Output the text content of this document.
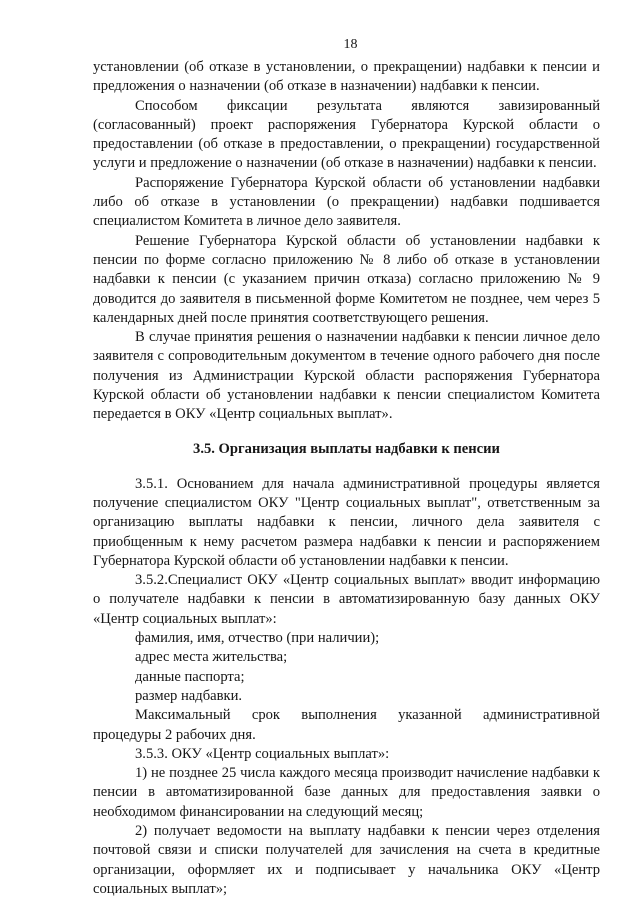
18

установлении (об отказе в установлении, о прекращении) надбавки к пенсии и предложения о назначении (об отказе в назначении) надбавки к пенсии.

Способом фиксации результата являются завизированный (согласованный) проект распоряжения Губернатора Курской области о предоставлении (об отказе в предоставлении, о прекращении) государственной услуги и предложение о назначении (об отказе в назначении) надбавки к пенсии.

Распоряжение Губернатора Курской области об установлении надбавки либо об отказе в установлении (о прекращении) надбавки подшивается специалистом Комитета в личное дело заявителя.

Решение Губернатора Курской области об установлении надбавки к пенсии по форме согласно приложению № 8 либо об отказе в установлении надбавки к пенсии (с указанием причин отказа) согласно приложению № 9 доводится до заявителя в письменной форме Комитетом не позднее, чем через 5 календарных дней после принятия соответствующего решения.

В случае принятия решения о назначении надбавки к пенсии личное дело заявителя с сопроводительным документом в течение одного рабочего дня после получения из Администрации Курской области распоряжения Губернатора Курской области об установлении надбавки к пенсии специалистом Комитета передается в ОКУ «Центр социальных выплат».

3.5. Организация выплаты надбавки к пенсии

3.5.1. Основанием для начала административной процедуры является получение специалистом ОКУ "Центр социальных выплат", ответственным за организацию выплаты надбавки к пенсии, личного дела заявителя с приобщенным к нему расчетом размера надбавки к пенсии и распоряжением Губернатора Курской области об установлении надбавки к пенсии.

3.5.2.Специалист ОКУ «Центр социальных выплат» вводит информацию о получателе надбавки к пенсии в автоматизированную базу данных ОКУ «Центр социальных выплат»:

фамилия, имя, отчество (при наличии);

адрес места жительства;

данные паспорта;

размер надбавки.

Максимальный срок выполнения указанной административной процедуры 2 рабочих дня.

3.5.3. ОКУ «Центр социальных выплат»:

1) не позднее 25 числа каждого месяца производит начисление надбавки к пенсии в автоматизированной базе данных для предоставления заявки о необходимом финансировании на следующий месяц;

2) получает ведомости на выплату надбавки к пенсии через отделения почтовой связи и списки получателей для зачисления на счета в кредитные организации, оформляет их и подписывает у начальника ОКУ «Центр социальных выплат»;
